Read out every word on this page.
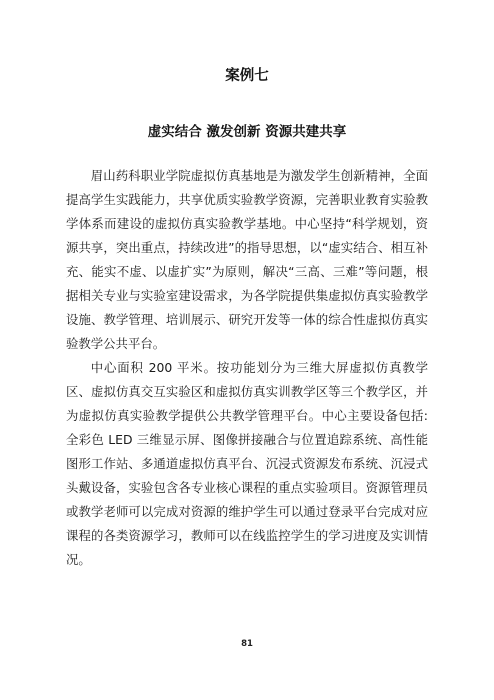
案例七
虚实结合 激发创新 资源共建共享

眉山药科职业学院虚拟仿真基地是为激发学生创新精神，全面提高学生实践能力，共享优质实验教学资源，完善职业教育实验教学体系而建设的虚拟仿真实验教学基地。中心坚持“科学规划，资源共享，突出重点，持续改进”的指导思想，以“虚实结合、相互补充、能实不虚、以虚扩实”为原则，解决“三高、三难”等问题，根据相关专业与实验室建设需求，为各学院提供集虚拟仿真实验教学设施、教学管理、培训展示、研究开发等一体的综合性虚拟仿真实验教学公共平台。

中心面积 200 平米。按功能划分为三维大屏虚拟仿真教学区、虚拟仿真交互实验区和虚拟仿真实训教学区等三个教学区，并为虚拟仿真实验教学提供公共教学管理平台。中心主要设备包括:全彩色 LED 三维显示屏、图像拼接融合与位置追踪系统、高性能图形工作站、多通道虚拟仿真平台、沉浸式资源发布系统、沉浸式头戴设备，实验包含各专业核心课程的重点实验项目。资源管理员或教学老师可以完成对资源的维护学生可以通过登录平台完成对应课程的各类资源学习，教师可以在线监控学生的学习进度及实训情况。

81
